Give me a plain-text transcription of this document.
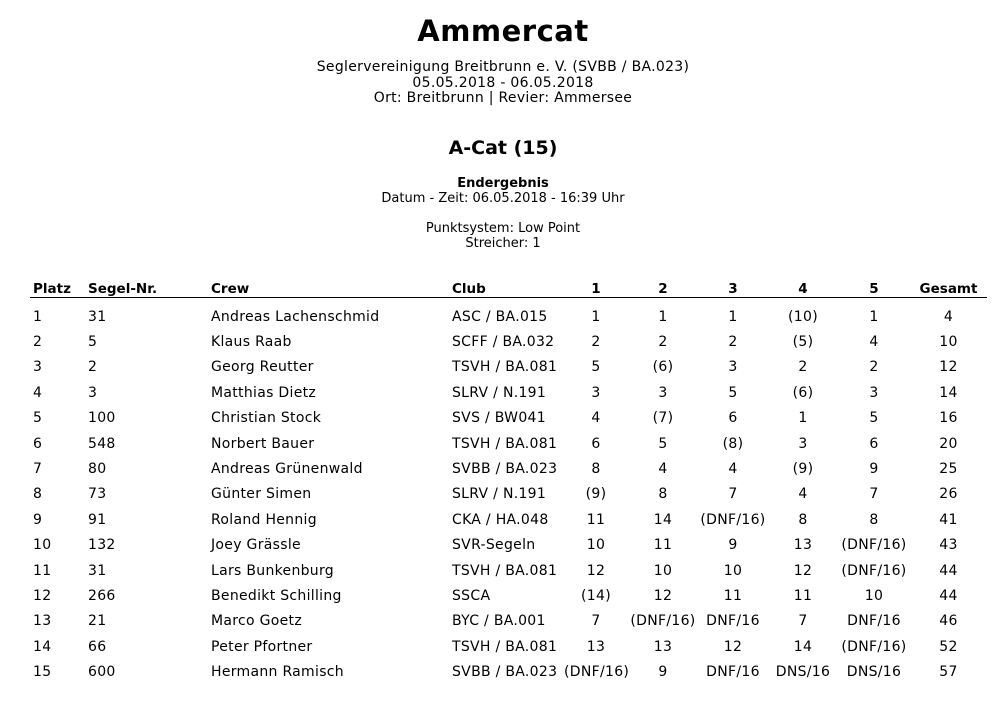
Ammercat
Seglervereinigung Breitbrunn e. V. (SVBB / BA.023)
05.05.2018 - 06.05.2018
Ort: Breitbrunn | Revier: Ammersee
A-Cat (15)
Endergebnis
Datum - Zeit: 06.05.2018 - 16:39 Uhr
Punktsystem: Low Point
Streicher: 1
Platz	Segel-Nr.	Crew	Club	1	2	3	4	5	Gesamt
1	31	Andreas Lachenschmid	ASC / BA.015	1	1	1	(10)	1	4
2	5	Klaus Raab	SCFF / BA.032	2	2	2	(5)	4	10
3	2	Georg Reutter	TSVH / BA.081	5	(6)	3	2	2	12
4	3	Matthias Dietz	SLRV / N.191	3	3	5	(6)	3	14
5	100	Christian Stock	SVS / BW041	4	(7)	6	1	5	16
6	548	Norbert Bauer	TSVH / BA.081	6	5	(8)	3	6	20
7	80	Andreas Grünenwald	SVBB / BA.023	8	4	4	(9)	9	25
8	73	Günter Simen	SLRV / N.191	(9)	8	7	4	7	26
9	91	Roland Hennig	CKA / HA.048	11	14	(DNF/16)	8	8	41
10	132	Joey Grässle	SVR-Segeln	10	11	9	13	(DNF/16)	43
11	31	Lars Bunkenburg	TSVH / BA.081	12	10	10	12	(DNF/16)	44
12	266	Benedikt Schilling	SSCA	(14)	12	11	11	10	44
13	21	Marco Goetz	BYC / BA.001	7	(DNF/16)	DNF/16	7	DNF/16	46
14	66	Peter Pfortner	TSVH / BA.081	13	13	12	14	(DNF/16)	52
15	600	Hermann Ramisch	SVBB / BA.023	(DNF/16)	9	DNF/16	DNS/16	DNS/16	57
